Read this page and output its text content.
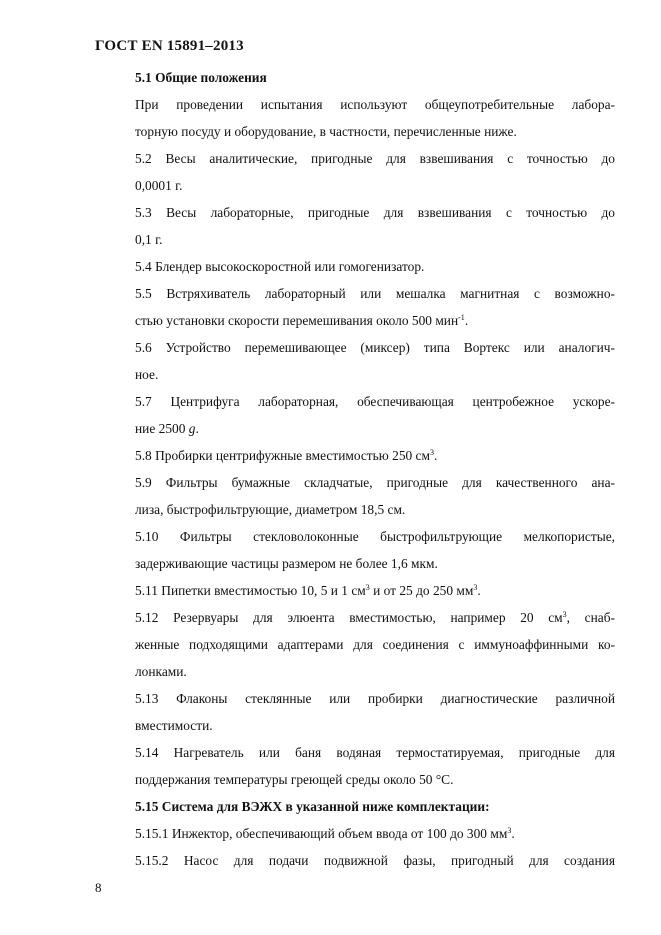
ГОСТ EN 15891–2013

5.1 Общие положения

При проведении испытания используют общеупотребительные лабора-
торную посуду и оборудование, в частности, перечисленные ниже.

5.2 Весы аналитические, пригодные для взвешивания с точностью до
0,0001 г.

5.3 Весы лабораторные, пригодные для взвешивания с точностью до
0,1 г.

5.4 Блендер высокоскоростной или гомогенизатор.

5.5 Встряхиватель лабораторный или мешалка магнитная с возможно-
стью установки скорости перемешивания около 500 мин$^{-1}$.

5.6 Устройство перемешивающее (миксер) типа Вортекс или аналогич-
ное.

5.7 Центрифуга лабораторная, обеспечивающая центробежное ускоре-
ние 2500 g.

5.8 Пробирки центрифужные вместимостью 250 $см^3$.

5.9 Фильтры бумажные складчатые, пригодные для качественного ана-
лиза, быстрофильтрующие, диаметром 18,5 см.

5.10 Фильтры стекловолоконные быстрофильтрующие мелкопористые,
задерживающие частицы размером не более 1,6 мкм.

5.11 Пипетки вместимостью 10, 5 и 1 $см^3$ и от 25 до 250 $мм^3$.

5.12 Резервуары для элюента вместимостью, например 20 $см^3$, снаб-
женные подходящими адаптерами для соединения с иммуноаффинными ко-
лонками.

5.13 Флаконы стеклянные или пробирки диагностические различной
вместимости.

5.14 Нагреватель или баня водяная термостатируемая, пригодные для
поддержания температуры греющей среды около 50 °С.

5.15 Система для ВЭЖХ в указанной ниже комплектации:

5.15.1 Инжектор, обеспечивающий объем ввода от 100 до 300 $мм^3$.

5.15.2 Насос для подачи подвижной фазы, пригодный для создания

8
